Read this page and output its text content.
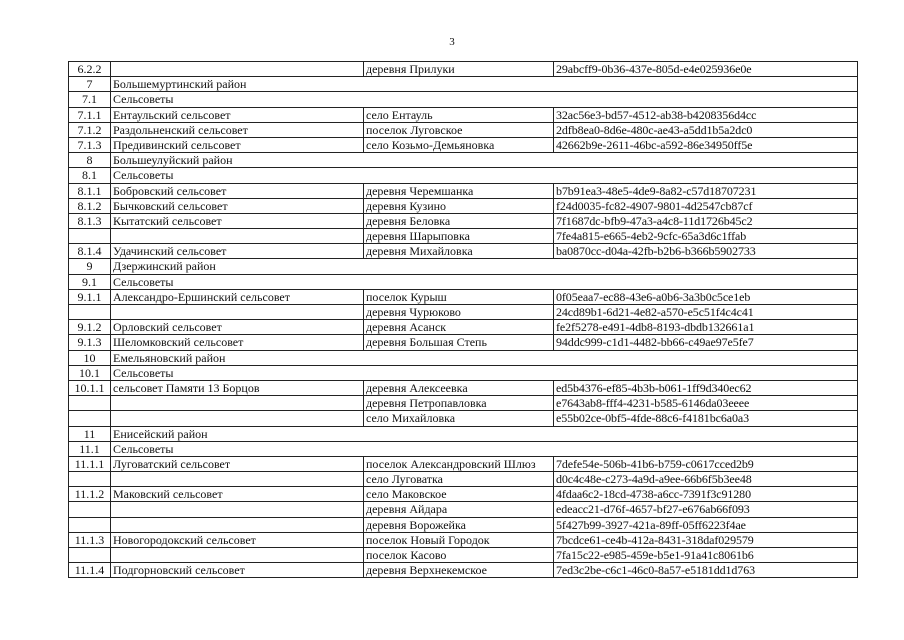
3
6.2.2		деревня Прилуки	29abcff9-0b36-437e-805d-e4e025936e0e
7	Большемуртинский район		
7.1	Сельсоветы		
7.1.1	Ентаульский сельсовет	село Ентауль	32ac56e3-bd57-4512-ab38-b4208356d4cc
7.1.2	Раздольненский сельсовет	поселок Луговское	2dfb8ea0-8d6e-480c-ae43-a5dd1b5a2dc0
7.1.3	Предивинский сельсовет	село Козьмо-Демьяновка	42662b9e-2611-46bc-a592-86e34950ff5e
8	Большеулуйский район		
8.1	Сельсоветы		
8.1.1	Бобровский сельсовет	деревня Черемшанка	b7b91ea3-48e5-4de9-8a82-c57d18707231
8.1.2	Бычковский сельсовет	деревня Кузино	f24d0035-fc82-4907-9801-4d2547cb87cf
8.1.3	Кытатский сельсовет	деревня Беловка	7f1687dc-bfb9-47a3-a4c8-11d1726b45c2
		деревня Шарыповка	7fe4a815-e665-4eb2-9cfc-65a3d6c1ffab
8.1.4	Удачинский сельсовет	деревня Михайловка	ba0870cc-d04a-42fb-b2b6-b366b5902733
9	Дзержинский район		
9.1	Сельсоветы		
9.1.1	Александро-Ершинский сельсовет	поселок Курыш	0f05eaa7-ec88-43e6-a0b6-3a3b0c5ce1eb
		деревня Чурюково	24cd89b1-6d21-4e82-a570-e5c51f4c4c41
9.1.2	Орловский сельсовет	деревня Асанск	fe2f5278-e491-4db8-8193-dbdb132661a1
9.1.3	Шеломковский сельсовет	деревня Большая Степь	94ddc999-c1d1-4482-bb66-c49ae97e5fe7
10	Емельяновский район		
10.1	Сельсоветы		
10.1.1	сельсовет Памяти 13 Борцов	деревня Алексеевка	ed5b4376-ef85-4b3b-b061-1ff9d340ec62
		деревня Петропавловка	e7643ab8-fff4-4231-b585-6146da03eeee
		село Михайловка	e55b02ce-0bf5-4fde-88c6-f4181bc6a0a3
11	Енисейский район		
11.1	Сельсоветы		
11.1.1	Луговатский сельсовет	поселок Александровский Шлюз	7defe54e-506b-41b6-b759-c0617cced2b9
		село Луговатка	d0c4c48e-c273-4a9d-a9ee-66b6f5b3ee48
11.1.2	Маковский сельсовет	село Маковское	4fdaa6c2-18cd-4738-a6cc-7391f3c91280
		деревня Айдара	edeacc21-d76f-4657-bf27-e676ab66f093
		деревня Ворожейка	5f427b99-3927-421a-89ff-05ff6223f4ae
11.1.3	Новогородокский сельсовет	поселок Новый Городок	7bcdce61-ce4b-412a-8431-318daf029579
		поселок Касово	7fa15c22-e985-459e-b5e1-91a41c8061b6
11.1.4	Подгорновский сельсовет	деревня Верхнекемское	7ed3c2be-c6c1-46c0-8a57-e5181dd1d763
